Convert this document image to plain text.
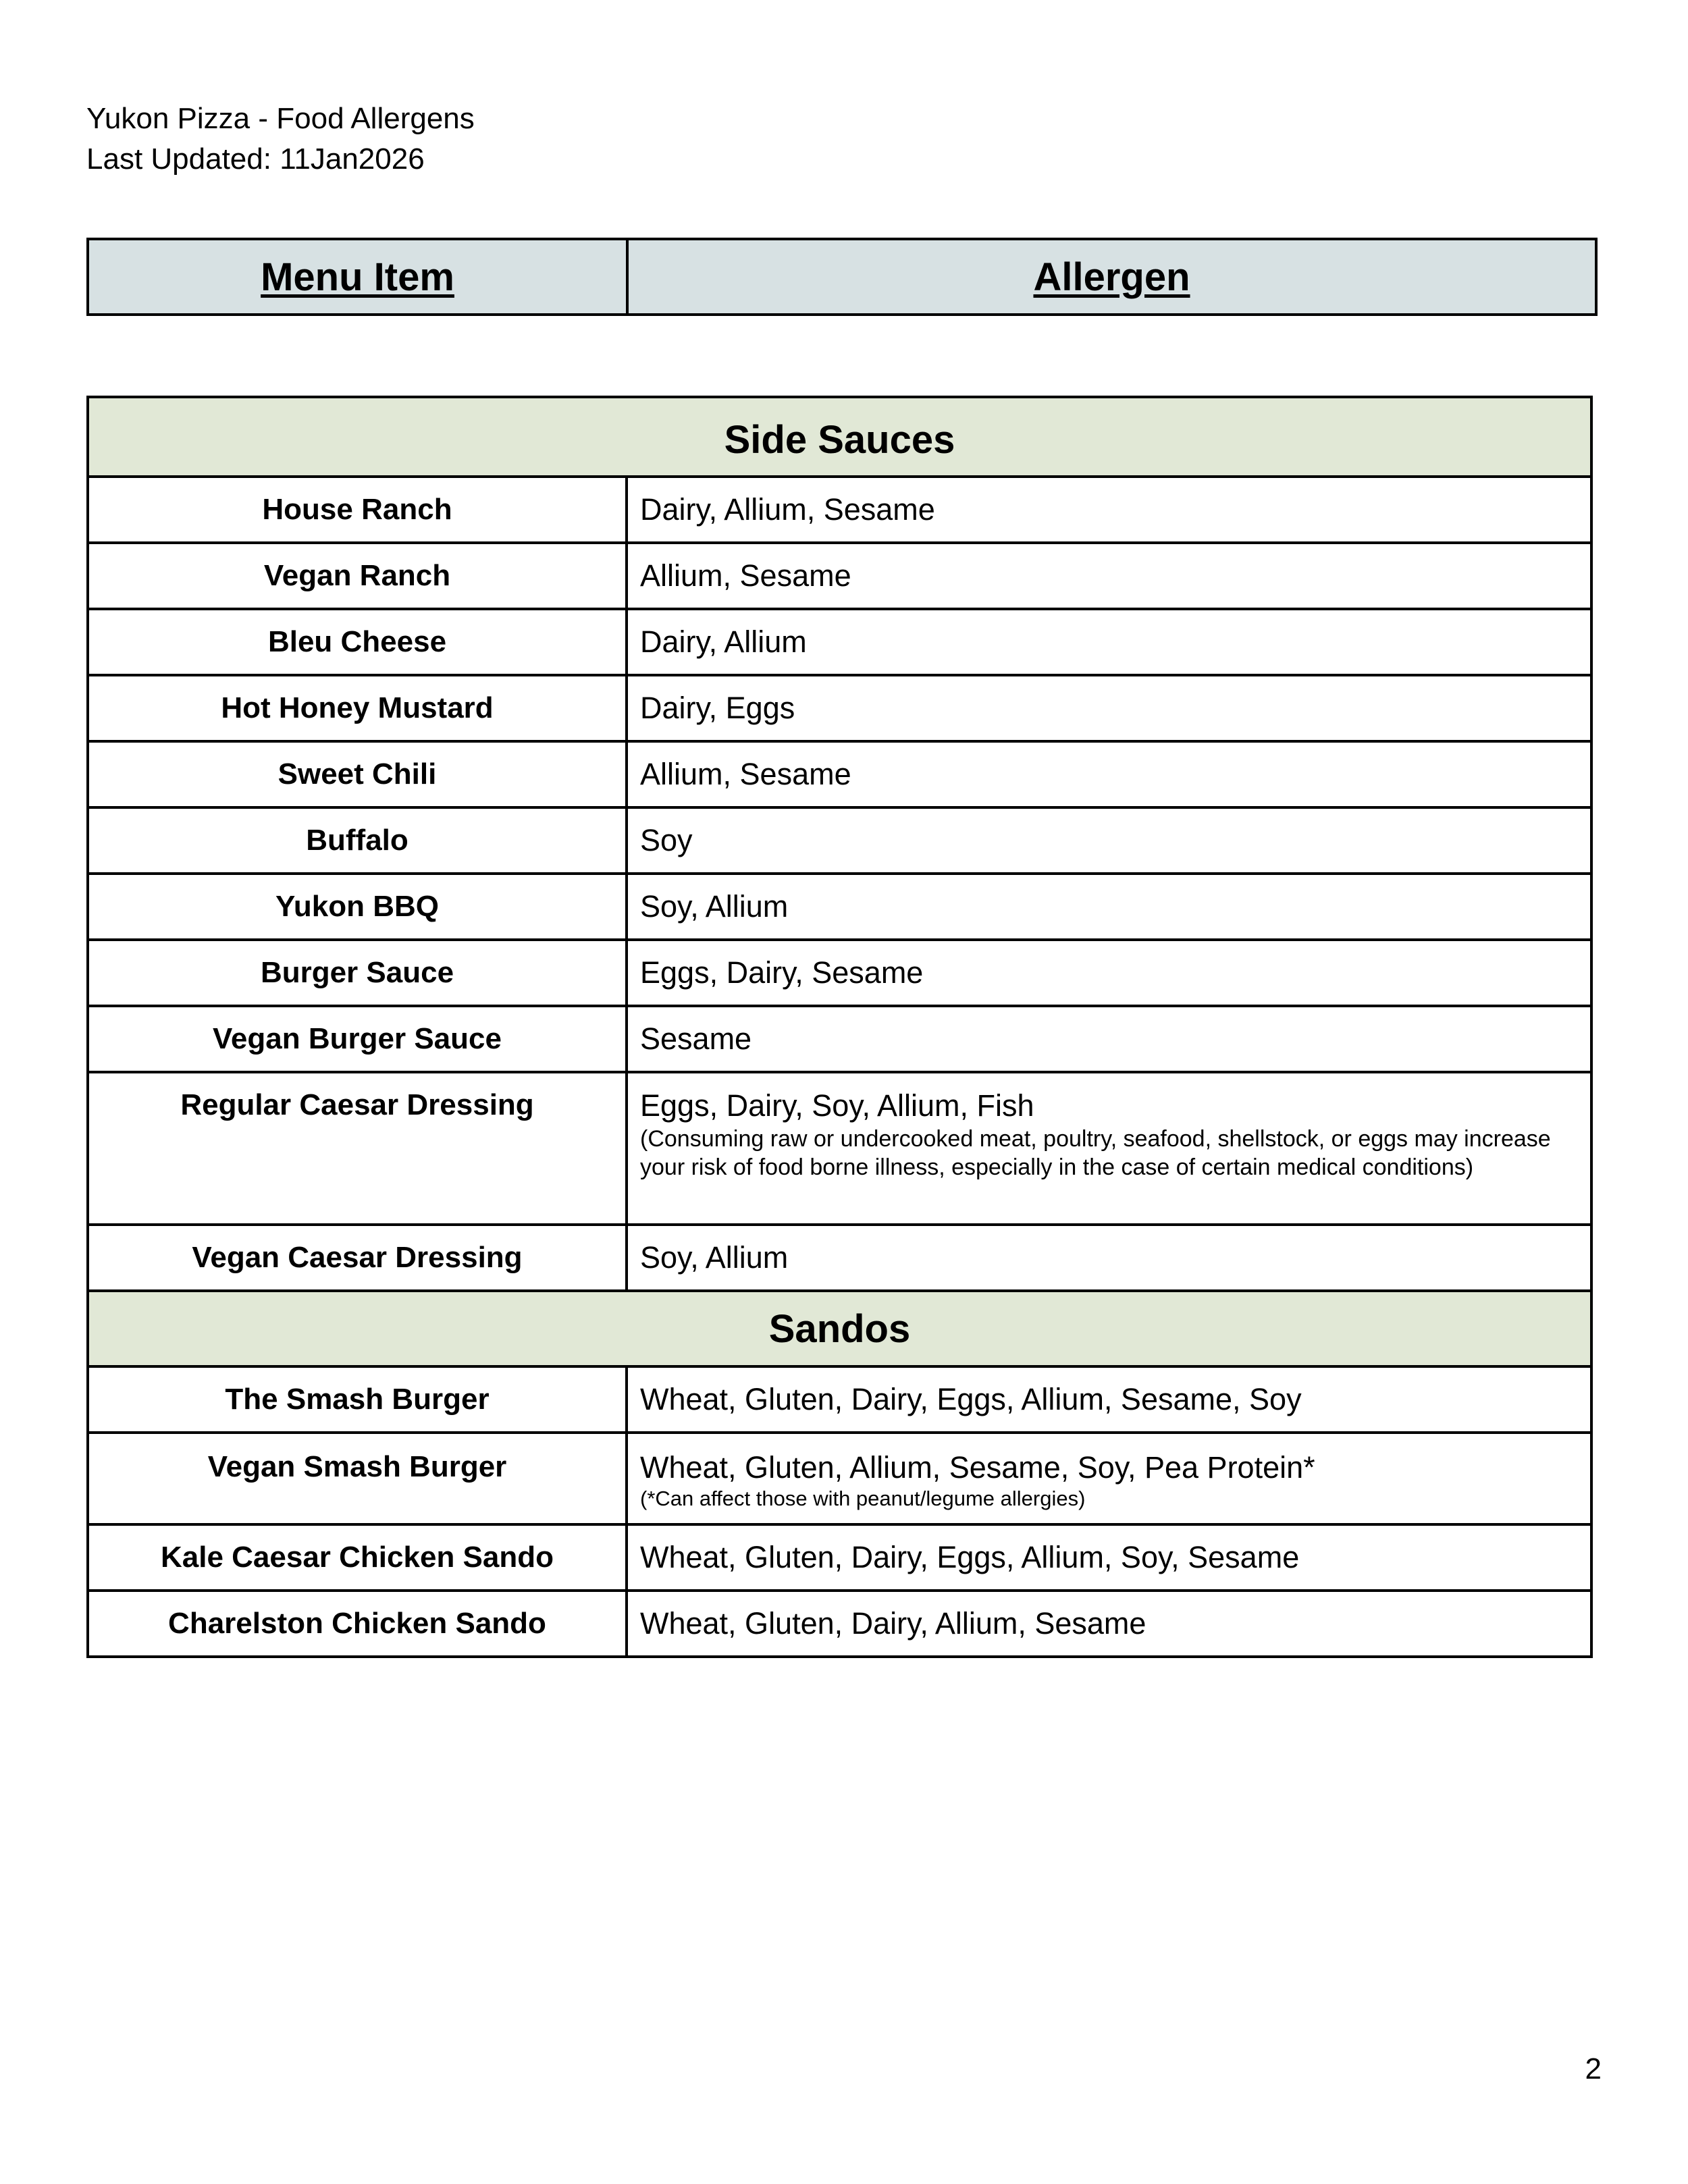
Yukon Pizza - Food Allergens
Last Updated: 11Jan2026
Menu Item	Allergen
Side Sauces	
House Ranch	Dairy, Allium, Sesame
Vegan Ranch	Allium, Sesame
Bleu Cheese	Dairy, Allium
Hot Honey Mustard	Dairy, Eggs
Sweet Chili	Allium, Sesame
Buffalo	Soy
Yukon BBQ	Soy, Allium
Burger Sauce	Eggs, Dairy, Sesame
Vegan Burger Sauce	Sesame
Regular Caesar Dressing	Eggs, Dairy, Soy, Allium, Fish
(Consuming raw or undercooked meat, poultry, seafood, shellstock, or eggs may increase your risk of food borne illness, especially in the case of certain medical conditions)

Vegan Caesar Dressing	Soy, Allium
Sandos	
The Smash Burger	Wheat, Gluten, Dairy, Eggs, Allium, Sesame, Soy
Vegan Smash Burger	Wheat, Gluten, Allium, Sesame, Soy, Pea Protein*
(*Can affect those with peanut/legume allergies)

Kale Caesar Chicken Sando	Wheat, Gluten, Dairy, Eggs, Allium, Soy, Sesame
Charelston Chicken Sando	Wheat, Gluten, Dairy, Allium, Sesame
2
